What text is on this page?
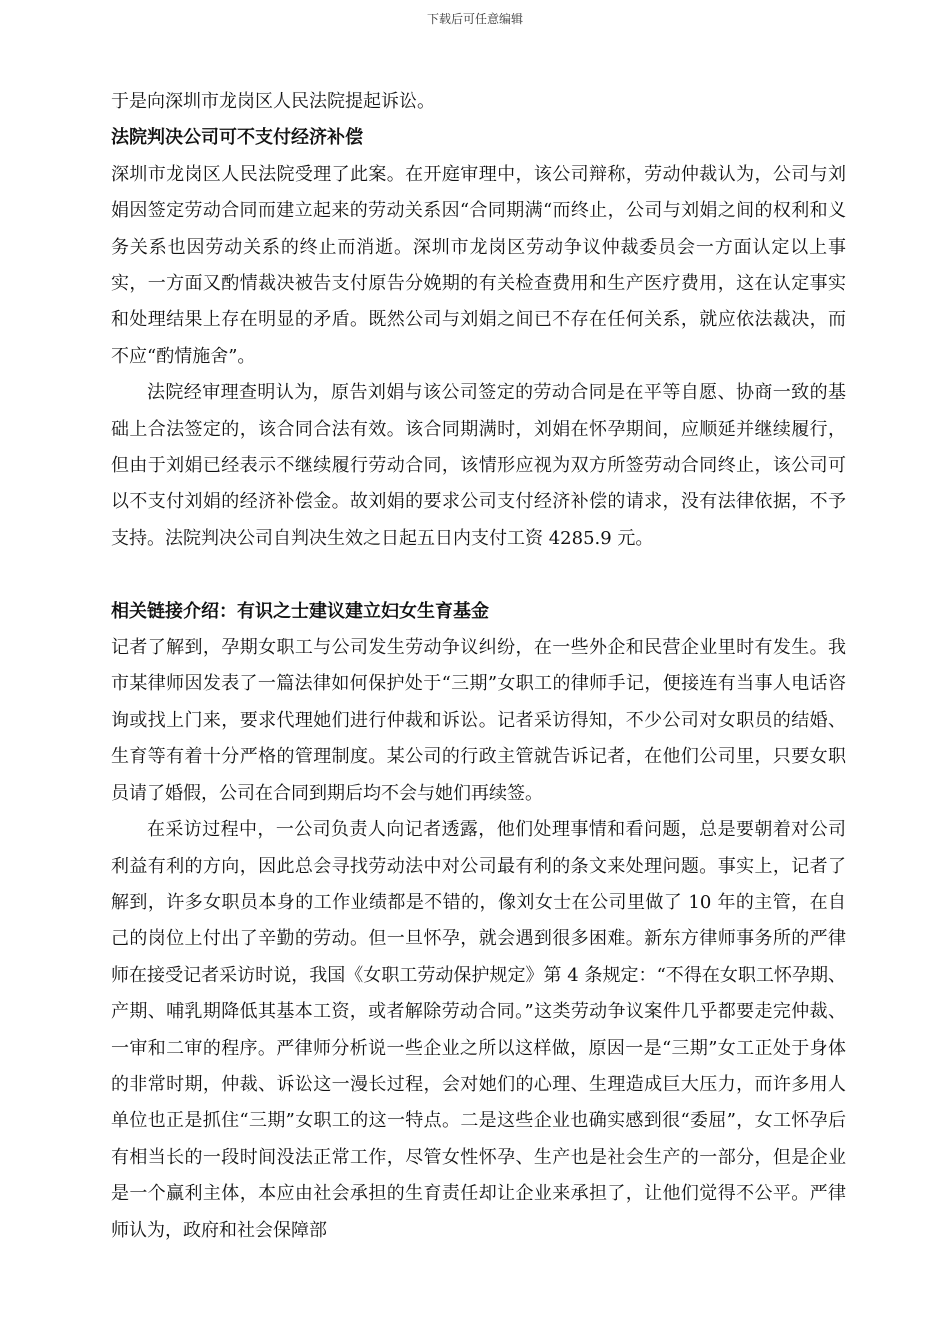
下载后可任意编辑

于是向深圳市龙岗区人民法院提起诉讼。

法院判决公司可不支付经济补偿

深圳市龙岗区人民法院受理了此案。在开庭审理中，该公司辩称，劳动仲裁认为，公司与刘娟因签定劳动合同而建立起来的劳动关系因“合同期满“而终止，公司与刘娟之间的权利和义务关系也因劳动关系的终止而消逝。深圳市龙岗区劳动争议仲裁委员会一方面认定以上事实，一方面又酌情裁决被告支付原告分娩期的有关检查费用和生产医疗费用，这在认定事实和处理结果上存在明显的矛盾。既然公司与刘娟之间已不存在任何关系，就应依法裁决，而不应“酌情施舍”。

法院经审理查明认为，原告刘娟与该公司签定的劳动合同是在平等自愿、协商一致的基础上合法签定的，该合同合法有效。该合同期满时，刘娟在怀孕期间，应顺延并继续履行，但由于刘娟已经表示不继续履行劳动合同，该情形应视为双方所签劳动合同终止，该公司可以不支付刘娟的经济补偿金。故刘娟的要求公司支付经济补偿的请求，没有法律依据，不予支持。法院判决公司自判决生效之日起五日内支付工资 4285.9 元。

相关链接介绍：有识之士建议建立妇女生育基金

记者了解到，孕期女职工与公司发生劳动争议纠纷，在一些外企和民营企业里时有发生。我市某律师因发表了一篇法律如何保护处于“三期”女职工的律师手记，便接连有当事人电话咨询或找上门来，要求代理她们进行仲裁和诉讼。记者采访得知，不少公司对女职员的结婚、生育等有着十分严格的管理制度。某公司的行政主管就告诉记者，在他们公司里，只要女职员请了婚假，公司在合同到期后均不会与她们再续签。

在采访过程中，一公司负责人向记者透露，他们处理事情和看问题，总是要朝着对公司利益有利的方向，因此总会寻找劳动法中对公司最有利的条文来处理问题。事实上，记者了解到，许多女职员本身的工作业绩都是不错的，像刘女士在公司里做了 10 年的主管，在自己的岗位上付出了辛勤的劳动。但一旦怀孕，就会遇到很多困难。新东方律师事务所的严律师在接受记者采访时说，我国《女职工劳动保护规定》第 4 条规定：“不得在女职工怀孕期、产期、哺乳期降低其基本工资，或者解除劳动合同。”这类劳动争议案件几乎都要走完仲裁、一审和二审的程序。严律师分析说一些企业之所以这样做，原因一是“三期”女工正处于身体的非常时期，仲裁、诉讼这一漫长过程，会对她们的心理、生理造成巨大压力，而许多用人单位也正是抓住“三期”女职工的这一特点。二是这些企业也确实感到很“委屈”，女工怀孕后有相当长的一段时间没法正常工作，尽管女性怀孕、生产也是社会生产的一部分，但是企业是一个赢利主体，本应由社会承担的生育责任却让企业来承担了，让他们觉得不公平。严律师认为，政府和社会保障部
